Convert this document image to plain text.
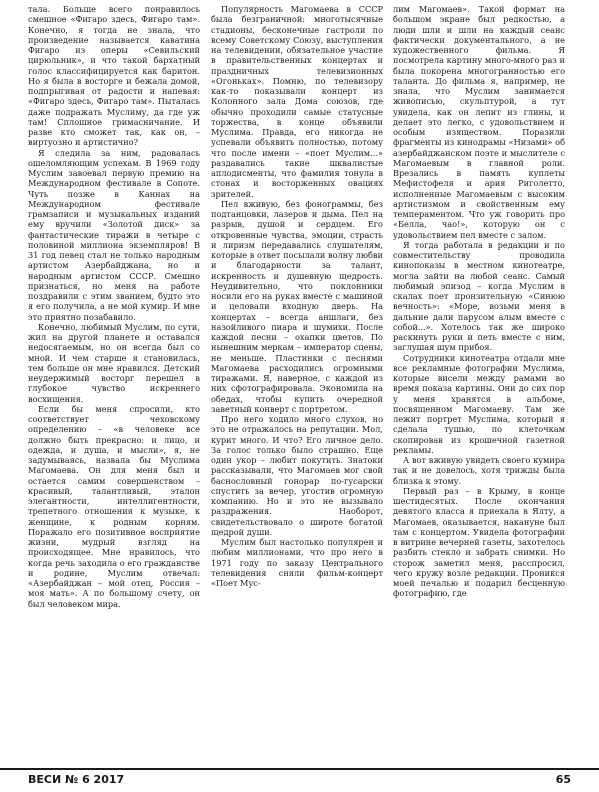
тала. Больше всего понравилось смешное «Фигаро здесь, Фигаро там». Конечно, я тогда не знала, что произведение называется каватина Фигаро из оперы «Севильский цирюльник», и что такой бархатный голос классифицируется как баритон. Но я была в восторге и бежала домой, подпрыгивая от радости и напевая: «Фигаро здесь, Фигаро там». Пыталась даже подражать Муслиму, да где уж там! Сплошное гримасничание. И разве кто сможет так, как он, – виртуозно и артистично?

Я следила за ним, радовалась ошеломляющим успехам. В 1969 году Муслим завоевал первую премию на Международном фестивале в Сопоте. Чуть позже в Каннах на Международном фестивале грамзаписи и музыкальных изданий ему вручили «Золотой диск» за фантастические тиражи в четыре с половиной миллиона экземпляров! В 31 год певец стал не только народным артистом Азербайджана, но и народным артистом СССР. Смешно признаться, но меня на работе поздравили с этим званием, будто это я его получила, а не мой кумир. И мне это приятно позабавило.

Конечно, любимый Муслим, по сути, жил на другой планете и оставался недосягаемым, но он всегда был со мной. И чем старше я становилась, тем больше он мне нравился. Детский неудержимый восторг перешел в глубокое чувство искреннего восхищения.

Если бы меня спросили, кто соответствует чеховскому определению – «в человеке все должно быть прекрасно: и лицо, и одежда, и душа, и мысли», я, не задумываясь, назвала бы Муслима Магомаева. Он для меня был и остается самим совершенством – красивый, талантливый, эталон элегантности, интеллигентности, трепетного отношения к музыке, к женщине, к родным корням. Поражало его позитивное восприятие жизни, мудрый взгляд на происходящее. Мне нравилось, что когда речь заходила о его гражданстве и родине, Муслим отвечал: «Азербайджан – мой отец, Россия – моя мать». А по большому счету, он был человеком мира.

Популярность Магомаева в СССР была безграничной: многотысячные стадионы, бесконечные гастроли по всему Советскому Союзу, выступления на телевидении, обязательное участие в правительственных концертах и праздничных телевизионных «Огоньках». Помню, по телевизору как-то показывали концерт из Колонного зала Дома союзов, где обычно проходили самые статусные торжества, в конце объявили Муслима. Правда, его никогда не успевали объявить полностью, потому что после имени – «поет Муслим...» раздавались такие шквалистые аплодисменты, что фамилия тонула в стонах и восторженных овациях зрителей.

Пел вживую, без фонограммы, без подтанцовки, лазеров и дыма. Пел на разрыв, душой и сердцем. Его откровенные чувства, эмоции, страсть и лиризм передавались слушателям, которые в ответ посылали волну любви и благодарности за талант, искренность и душевную щедрость. Неудивительно, что поклонники носили его на руках вместе с машиной и целовали входную дверь. На концертах – всегда аншлаги, без назойливого пиара и шумихи. После каждой песни – охапки цветов. По нынешним меркам – император сцены, не меньше. Пластинки с песнями Магомаева расходились огромными тиражами. Я, наверное, с каждой из них сфотографировала. Экономила на обедах, чтобы купить очередной заветный конверт с портретом.

Про него ходило много слухов, но это не отражалось на репутации. Мол, курит много. И что? Его личное дело. За голос только было страшно. Еще один укор – любит покутить. Знатоки рассказывали, что Магомаев мог свой баснословный гонорар по-гусарски спустить за вечер, угостив огромную компанию. Но и это не вызывало раздражения. Наоборот, свидетельствовало о широте богатой щедрой души.

Муслим был настолько популярен и любим миллионами, что про него в 1971 году по заказу Центрального телевидения сняли фильм-концерт «Поет Мус-

лим Магомаев». Такой формат на большом экране был редкостью, а люди шли и шли на каждый сеанс фактически документального, а не художественного фильма. Я посмотрела картину много-много раз и была покорена многогранностью его таланта. До фильма я, например, не знала, что Муслим занимается живописью, скульптурой, а тут увидела, как он лепит из глины, и делает это легко, с удовольствием и особым изяществом. Поразили фрагменты из кинодрамы «Низами» об азербайджанском поэте и мыслителе с Магомаевым в главной роли. Врезались в память куплеты Мефистофеля и ария Риголетто, исполненные Магомаевым с высоким артистизмом и свойственным ему темпераментом. Что уж говорить про «Белла, чао!», которую он с удовольствием пел вместе с залом.

Я тогда работала в редакции и по совместительству проводила кинопоказы в местном кинотеатре, могла зайти на любой сеанс. Самый любимый эпизод – когда Муслим в скалах поет пронзительную «Синюю вечность»: «Море, возьми меня в дальние дали парусом алым вместе с собой...». Хотелось так же широко раскинуть руки и петь вместе с ним, заглушая шум прибоя.

Сотрудники кинотеатра отдали мне все рекламные фотографии Муслима, которые висели между рамами во время показа картины. Они до сих пор у меня хранятся в альбоме, посвященном Магомаеву. Там же лежит портрет Муслима, который я сделала тушью, по клеточкам скопировав из крошечной газетной рекламы.

А вот вживую увидеть своего кумира так и не довелось, хотя трижды была близка к этому.

Первый раз – в Крыму, в конце шестидесятых. После окончания девятого класса я приехала в Ялту, а Магомаев, оказывается, накануне был там с концертом. Увидела фотографии в витрине вечерней газеты, захотелось разбить стекло и забрать снимки. Но сторож заметил меня, расспросил, чего кружу возле редакции. Проникся моей печалью и подарил бесценную фотографию, где

ВЕСИ № 6 2017	65
